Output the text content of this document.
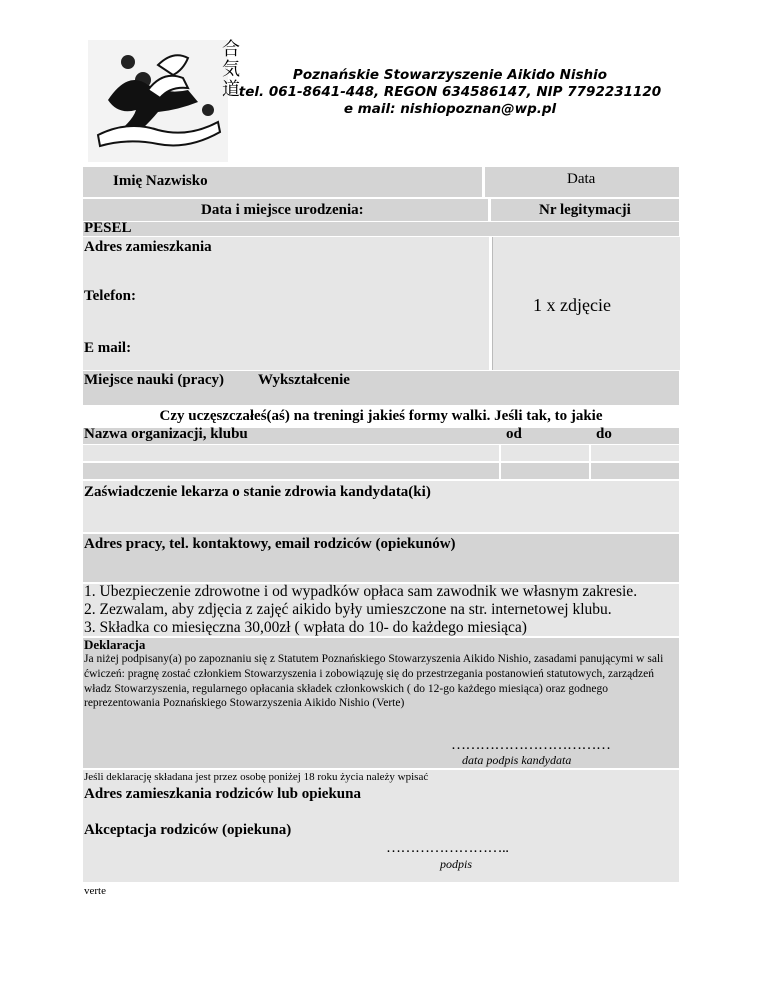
合気道
Poznańskie Stowarzyszenie Aikido Nishio
tel. 061-8641-448, REGON 634586147, NIP 7792231120
e mail: nishiopoznan@wp.pl
Imię Nazwisko	Data
Data i miejsce urodzenia:	Nr legitymacji
PESEL
Adres zamieszkania
Telefon:
E mail:
1 x zdjęcie
Miejsce nauki (pracy) Wykształcenie
Czy uczęszczałeś(aś) na treningi jakieś formy walki. Jeśli tak, to jakie
Nazwa organizacji, klubu	od	do
Zaświadczenie lekarza o stanie zdrowia kandydata(ki)
Adres pracy, tel. kontaktowy, email rodziców (opiekunów)
1. Ubezpieczenie zdrowotne i od wypadków opłaca sam zawodnik we własnym zakresie.
2. Zezwalam, aby zdjęcia z zajęć aikido były umieszczone na str. internetowej klubu.
3. Składka co miesięczna 30,00zł ( wpłata do 10- do każdego miesiąca)
Deklaracja
Ja niżej podpisany(a) po zapoznaniu się z Statutem Poznańskiego Stowarzyszenia Aikido Nishio, zasadami panującymi w sali ćwiczeń: pragnę zostać członkiem Stowarzyszenia i zobowiązuję się do przestrzegania postanowień statutowych, zarządzeń władz Stowarzyszenia, regularnego opłacania składek członkowskich ( do 12-go każdego miesiąca) oraz godnego reprezentowania Poznańskiego Stowarzyszenia Aikido Nishio (Verte)
……………………………
data podpis kandydata
Jeśli deklarację składana jest przez osobę poniżej 18 roku życia należy wpisać
Adres zamieszkania rodziców lub opiekuna
Akceptacja rodziców (opiekuna)
……………………..
podpis
verte
